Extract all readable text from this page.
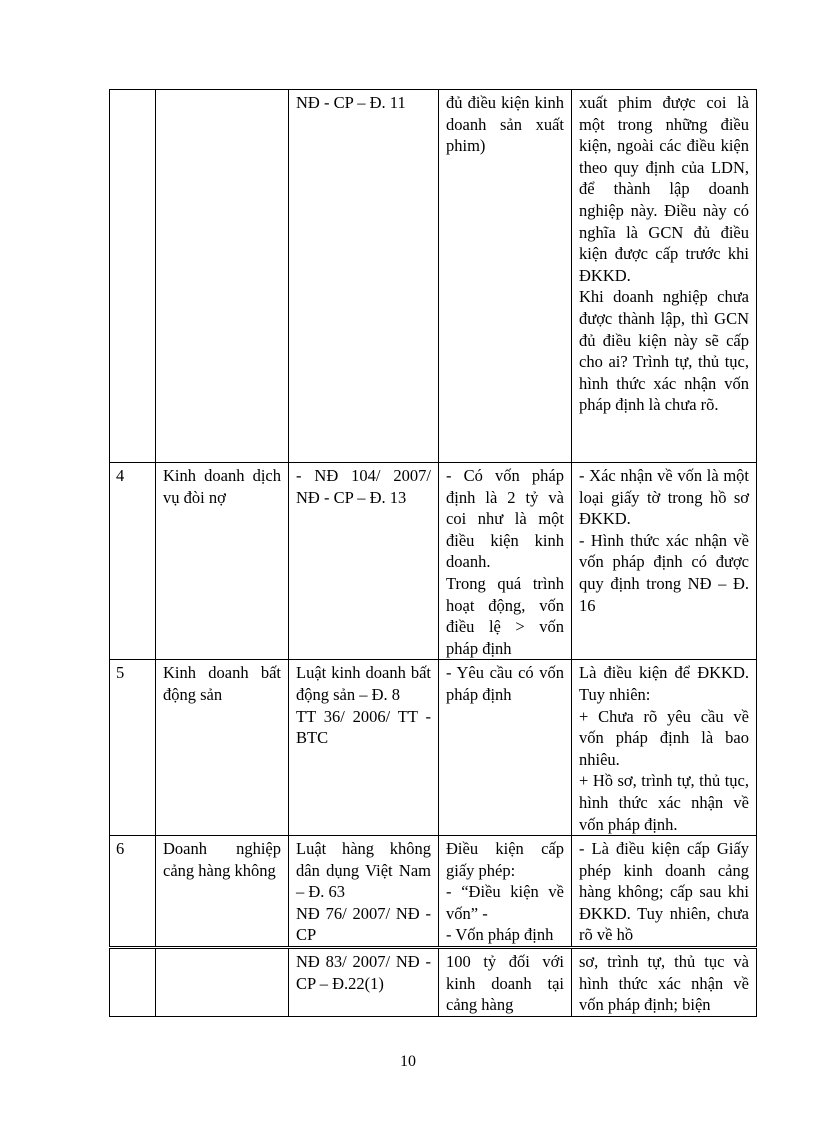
		NĐ - CP – Đ. 11	đủ điều kiện kinh doanh sản xuất phim)	xuất phim được coi là một trong những điều kiện, ngoài các điều kiện theo quy định của LDN, để thành lập doanh nghiệp này. Điều này có nghĩa là GCN đủ điều kiện được cấp trước khi ĐKKD.
Khi doanh nghiệp chưa được thành lập, thì GCN đủ điều kiện này sẽ cấp cho ai? Trình tự, thủ tục, hình thức xác nhận vốn pháp định là chưa rõ.

4	Kinh doanh dịch vụ đòi nợ	- NĐ 104/ 2007/ NĐ - CP – Đ. 13	- Có vốn pháp định là 2 tỷ và coi như là một điều kiện kinh doanh.
Trong quá trình hoạt động, vốn điều lệ > vốn pháp định	- Xác nhận về vốn là một loại giấy tờ trong hồ sơ ĐKKD.
- Hình thức xác nhận về vốn pháp định có được quy định trong NĐ – Đ. 16

5	Kinh doanh bất động sản	Luật kinh doanh bất động sản – Đ. 8
TT 36/ 2006/ TT - BTC	- Yêu cầu có vốn pháp định	Là điều kiện để ĐKKD. Tuy nhiên:
+ Chưa rõ yêu cầu về vốn pháp định là bao nhiêu.
+ Hồ sơ, trình tự, thủ tục, hình thức xác nhận về vốn pháp định.

6	Doanh nghiệp cảng hàng không	Luật hàng không dân dụng Việt Nam – Đ. 63
NĐ 76/ 2007/ NĐ - CP	Điều kiện cấp giấy phép:
- “Điều kiện về vốn” -
- Vốn pháp định	- Là điều kiện cấp Giấy phép kinh doanh cảng hàng không; cấp sau khi ĐKKD. Tuy nhiên, chưa rõ về hồ

		NĐ 83/ 2007/ NĐ - CP – Đ.22(1)	100 tỷ đối với kinh doanh tại cảng hàng	sơ, trình tự, thủ tục và hình thức xác nhận về vốn pháp định; biện
10
